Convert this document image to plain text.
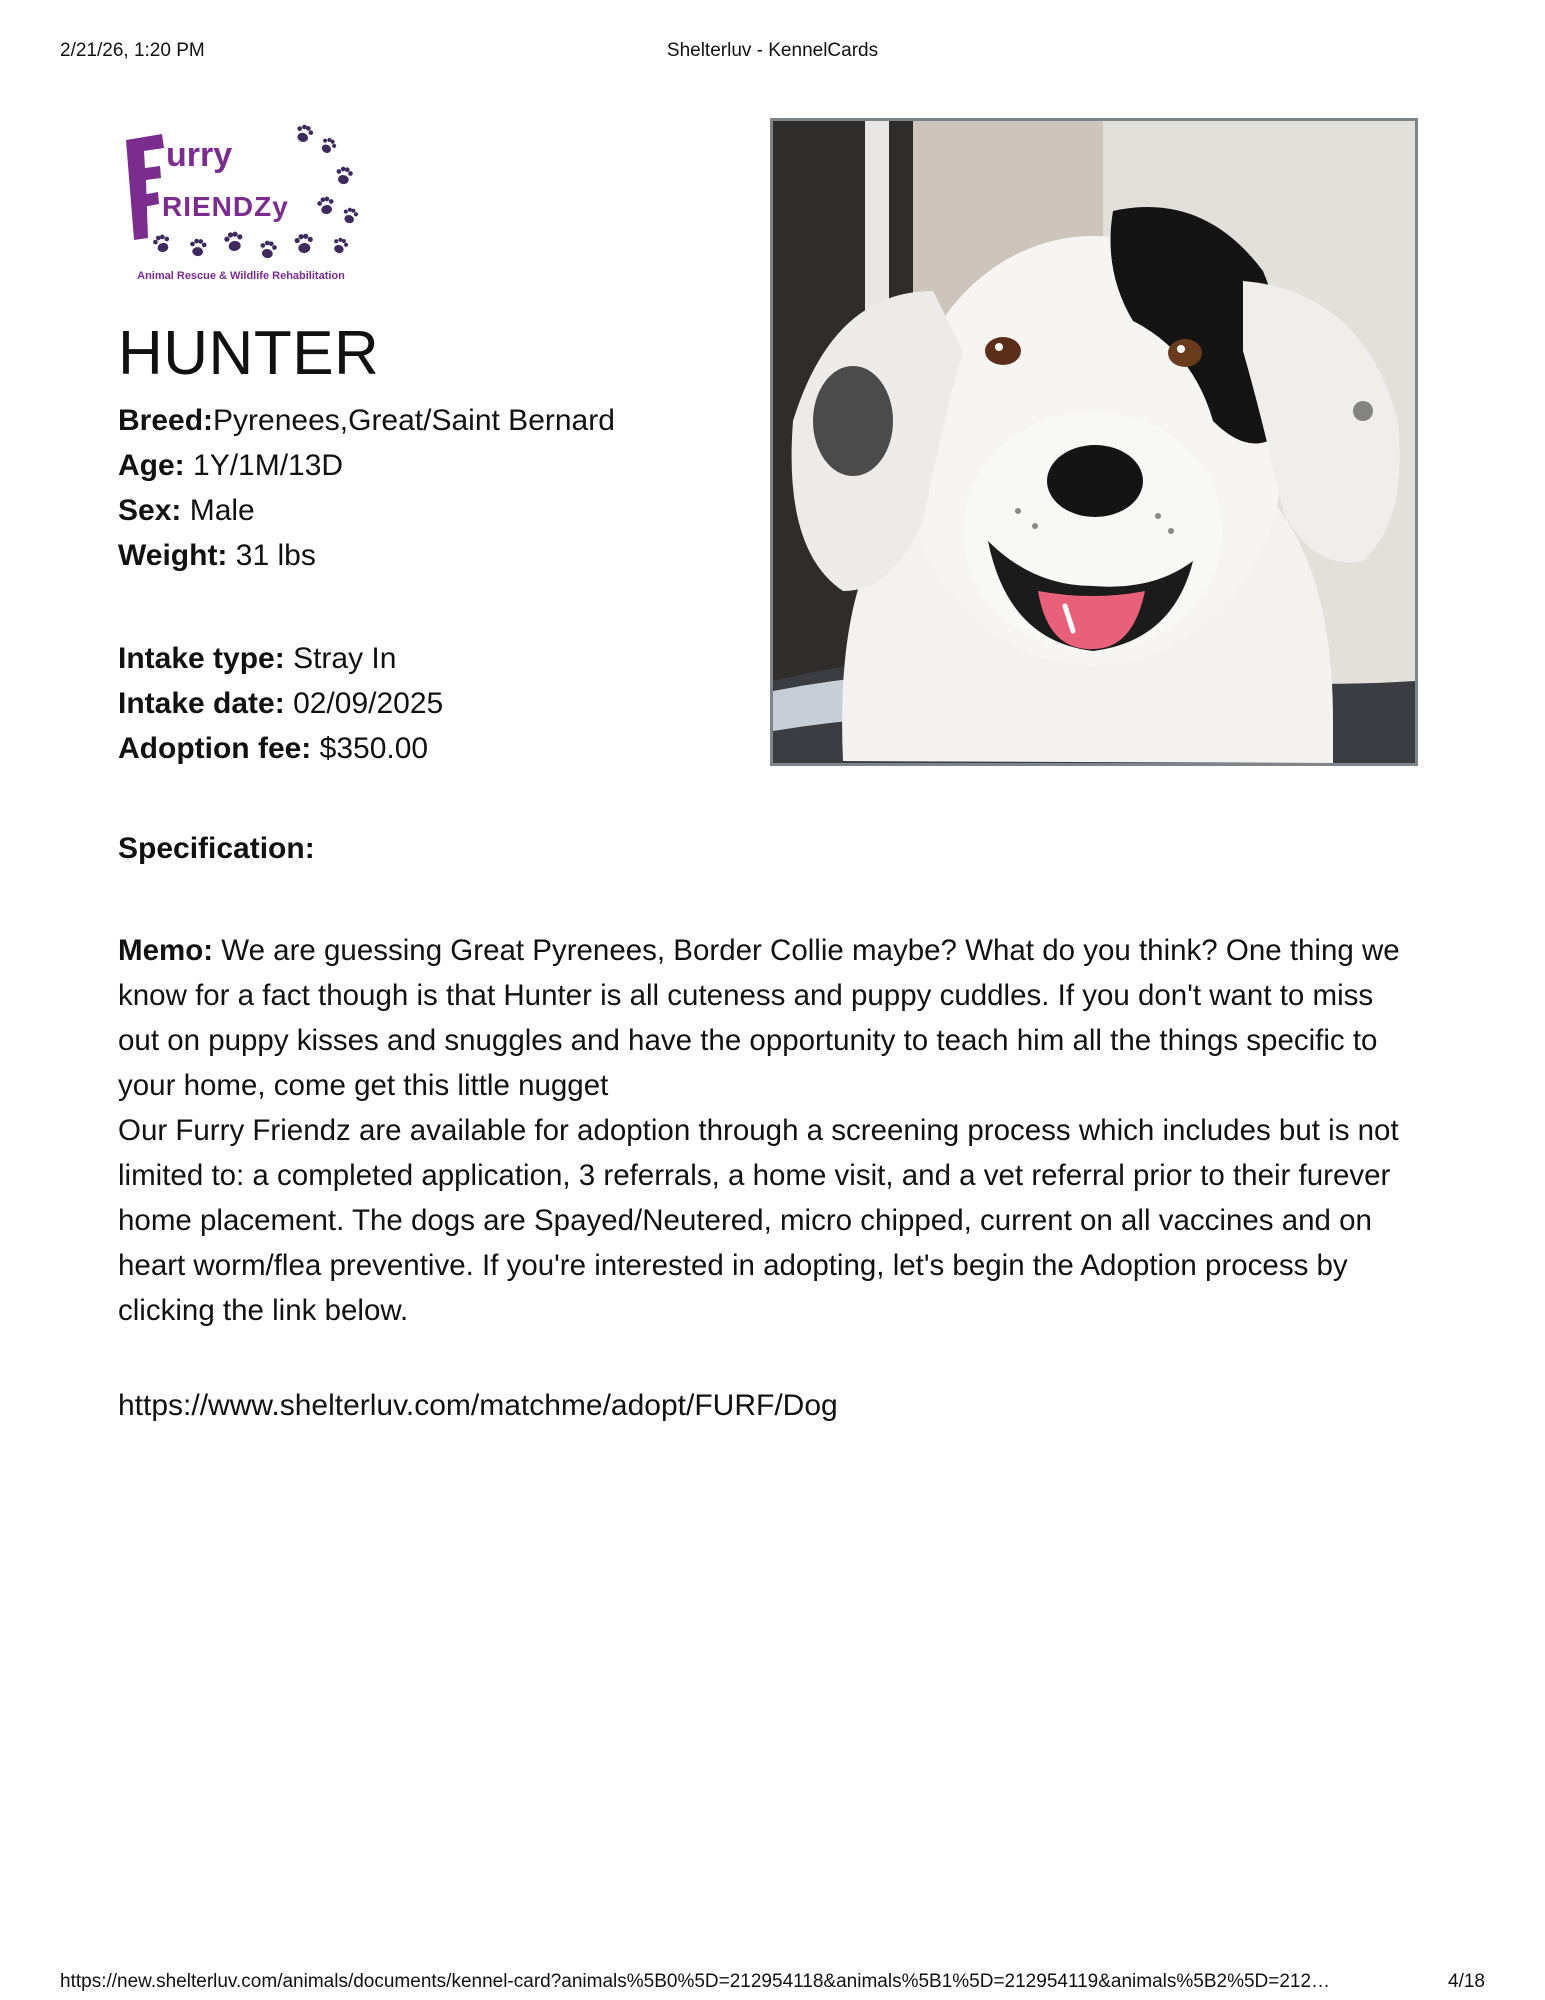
2/21/26, 1:20 PM	Shelterluv - KennelCards
urry
RIENDZy
Animal Rescue & Wildlife Rehabilitation
HUNTER
Breed:Pyrenees,Great/Saint Bernard
Age: 1Y/1M/13D
Sex: Male
Weight: 31 lbs
Intake type: Stray In
Intake date: 02/09/2025
Adoption fee: $350.00
Specification:

Memo: We are guessing Great Pyrenees, Border Collie maybe? What do you think? One thing we know for a fact though is that Hunter is all cuteness and puppy cuddles. If you don't want to miss out on puppy kisses and snuggles and have the opportunity to teach him all the things specific to your home, come get this little nugget

Our Furry Friendz are available for adoption through a screening process which includes but is not limited to: a completed application, 3 referrals, a home visit, and a vet referral prior to their furever home placement. The dogs are Spayed/Neutered, micro chipped, current on all vaccines and on heart worm/flea preventive. If you're interested in adopting, let's begin the Adoption process by clicking the link below.

https://www.shelterluv.com/matchme/adopt/FURF/Dog
https://new.shelterluv.com/animals/documents/kennel-card?animals%5B0%5D=212954118&animals%5B1%5D=212954119&animals%5B2%5D=212…	4/18
